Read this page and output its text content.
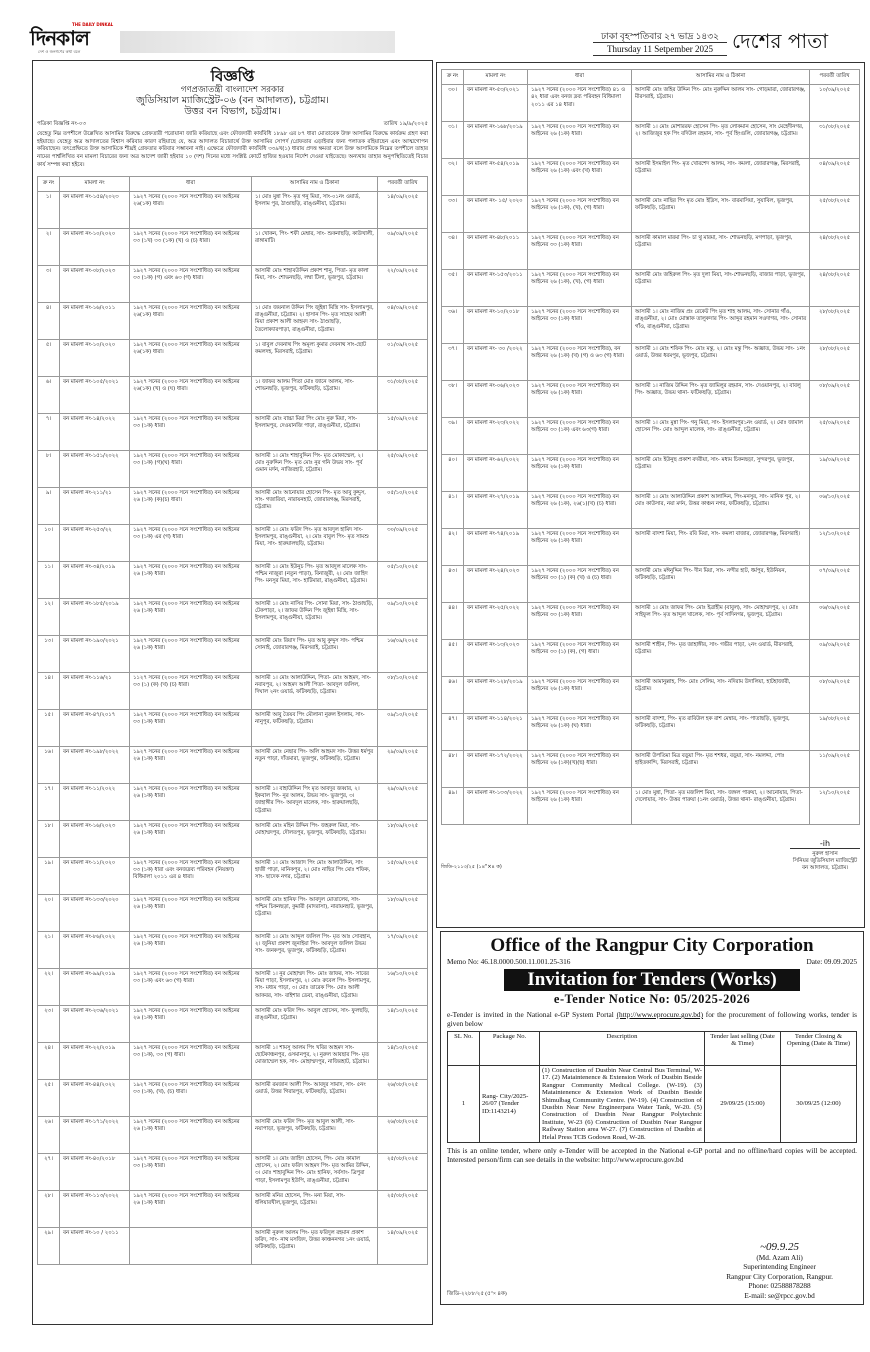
THE DAILY DINKAL
দিনকাল
দেশ ও জনগণের কথা বলে
ঢাকা বৃহস্পতিবার ২৭ ভাদ্র ১৪৩২
Thursday 11 Setpember 2025 দেশের পাতা
বিজ্ঞপ্তি
গণপ্রজাতন্ত্রী বাংলাদেশ সরকার
জুডিসিয়াল ম্যাজিস্ট্রেট-০৬ (বন আদালত), চট্টগ্রাম।
উত্তর বন বিভাগ, চট্টগ্রাম।
পত্রিকা বিজ্ঞপ্তি নং-০৩	তারিখ ১৯/৯/২০২৫
যেহেতু নিম্ন তপশীলে উল্লেখিত আসামির বিরুদ্ধে গ্রেফতারী পরোয়ানা জারি করিয়াছে এবং ফৌজদারী কার্যবিধি ১৮৯৮ এর ৮৭ ধারা মোতাবেক উক্ত আসামির বিরুদ্ধে কার্যক্রম গ্রহণ করা হইয়াছে। যেহেতু অত্র আদালতের বিশ্বাস করিবার কারণ রহিয়াছে যে, অত্র আদালত বিচারার্থে উক্ত আসামির সোপর্দ /গ্রেফতার এড়াইবার জন্য পলাতক রহিয়াছেন এবং আত্মগোপন করিয়াছেন। তৎপ্রেক্ষিতে উক্ত আসামিকে শীঘ্রই গ্রেফতার করিবার সম্ভাবনা নাই। এক্ষেত্রে ফৌজদারী কার্যবিধি ৩৩৯খ(১) ধারায় প্রদত্ত ক্ষমতা বলে উক্ত আসামিকে নিম্নের তপশীলে তাহার নামের পার্শ্বলিখিত বন মামলা বিচারের জন্য অত্র আদেশ জারী হইবার ১০ (দশ) দিনের মধ্যে সংশ্লিষ্ট কোর্টে হাজির হওয়ার নির্দেশ দেওয়া যাইতেছে। অন্যথায় তাহার অনুপস্থিতিতেই বিচার কার্য সম্পন্ন করা হইবে।
ক্র নং	মামলা নং	ধারা	আসামির নাম ও ঠিকানা	পরবর্তী তারিখ
১।	বন মামলা নং-১৫৪/২০২৩	১৯২৭ সনের (২০০০ সনে সংশোধিত) বন আইনের ২৬(১ক) ধারা।	১। মোঃ মুন্না পিং- মৃত গনু মিয়া, সাং-০১নং ওয়ার্ড, ইসলাম পুর, ঠাণ্ডাছড়ি, রাঙ্গুনীয়া, চট্টগ্রাম।	১৪/০৯/২০২৫
২।	বন মামলা নং-১০/২০২০	১৯২৭ সনের (২০০০ সনে সংশোধিত) বন আইনের ৩৩ (১খ) ৩৩ (১ক) (খ) ও (চ) ধারা।	১। খোকন, পিং- শফী মেম্বার, সাং- শুকনাছড়ি, কাউখালী, রাঙ্গামাটি।	০৯/০৯/২০২৫
৩।	বন মামলা নং-০৮/২০২৩	১৯২৭ সনের (২০০০ সনে সংশোধিত) বন আইনের ৩৩ (১ক) (গ) এবং ৬৩ (গ) ধারা।	আসামী মোঃ শাহাবউদ্দিন প্রকাশ শানু, পিতা- মৃত কালা মিয়া, সাং- শোভনছড়ি, লম্বা টিলা, ভূজপুর, চট্টগ্রাম।	২২/০৯/২০২৫
৪।	বন মামলা নং-১৬/২০১১	১৯২৭ সনের (২০০০ সনে সংশোধিত) বন আইনের ২৬(১ক) ধারা।	১। মোঃ জয়নাল উদ্দিন পিং জুইন্না মিস্ত্রি সাং- ইসলামপুর, রাঙ্গুনীয়া, চট্টগ্রাম। ২। হাসান পিং- মৃত সাহেব আলী মিয়া প্রকাশ আলী আহমদ সাং- ঠাণ্ডাছড়ি, তৈলোক্যারপাড়া, রাঙ্গুনীয়া, চট্টগ্রাম।	০৪/০৯/২০২৫
৫।	বন মামলা নং-১০/২০২০	১৯২৭ সনের (২০০০ সনে সংশোধিত) বন আইনের ২৬(১ক) ধারা।	১। বাবুল দেবনাথ পিং অমূল্য কুমার দেবনাথ সাং-ছোট কমলদহ, মিরসরাই, চট্টগ্রাম।	০১/০৯/২০২৫
৬।	বন মামলা নং-১০৫/২০২১	১৯২৭ সনের (২০০০ সনে সংশোধিত) বন আইনের ২৬(১ক) (খ) ও (ঘ) ধারা।	১। জাফর আলম পিতা মোঃ জানে আলম, সাং- শোভনছড়ি, ভূজপুর, ফটিকছড়ি, চট্টগ্রাম।	৩১/০৮/২০২৫
৭।	বন মামলা নং-১৪/২০২২	১৯২৭ সনের (২০০০ সনে সংশোধিত) বন আইনের ৩৩ (১ক) ধারা।	আসামী মোঃ বাচ্চা মিয়া পিং মোঃ নুরু মিয়া, সাং- ইসলামপুর, দেওয়ানজি পাড়া, রাঙ্গুনীয়া, চট্টগ্রাম।	১৫/০৯/২০২৫
৮।	বন মামলা নং-১৫১/২০২২	১৯২৭ সনের (২০০০ সনে সংশোধিত) বন আইনের ৩৩ (১ক) (গ)(ঘ) ধারা।	আসামী ১। মোঃ শাহাবুদ্দিন পিং- মৃত মোকাম্মেল, ২। মোঃ নুরুদ্দিন পিং- মৃত মোঃ নুর গনি উভয় সাং- পূর্ব গুমান মর্দন, নাজিরহাট, চট্টগ্রাম।	২৫/০৯/২০২৫
৯।	বন মামলা নং-২১১/২১	১৯২৭ সনের (২০০০ সনে সংশোধিত) বন আইনের ২৬ (১ক) (ক)(চ) ধারা।	আসামী মোঃ আনোয়ার হোসেন পিং- মৃত আবু কুদ্দুস, সাং- গজারিয়া, নারায়নহাট, জোরারগঞ্জ, মিরসরাই, চট্টগ্রাম।	০৫/১০/২০২৫
১০।	বন মামলা নং-২৫৩/২২	১৯২৭ সনের (২০০০ সনে সংশোধিত) বন আইনের ৩৩ (১ক) এর (গ) ধারা।	আসামী ১। মোঃ ফরিদ পিং- মৃত আবদুল হামিদ সাং- ইসলামপুর, রাঙ্গুনীয়া, ২। মোঃ বাবুল পিং- মৃত সামশু মিয়া, সাং- হারুয়ালছড়ি, চট্টগ্রাম।	৩০/০৯/২০২৫
১১।	বন মামলা নং-৩৪/২০১৯	১৯২৭ সনের (২০০০ সনে সংশোধিত) বন আইনের ২৬ (১ক) ধারা।	আসামী ১। মোঃ ইউনুচ পিং- মৃত আবদুল মালেক সাং- পশ্চিম নাজুরা (নতুন পাড়া), বিনাজুরী, ২। মোঃ জাহিদ পিং- মনসুর মিয়া, সাং- হাটিমারা, রাঙ্গুনীয়া, চট্টগ্রাম।	০৫/১০/২০২৫
১২।	বন মামলা নং-১৮৫/২০১৯	১৯২৭ সনের (২০০০ সনে সংশোধিত) বন আইনের ২৬ (১ক) ধারা।	আসামী ১। মোঃ নাসির পিং- সোনা মিয়া, সাং- ঠাণ্ডাছড়ি, টেকপাড়া, ২। জাফর উদ্দিন পিং জুইন্না মিস্ত্রি, সাং- ইসলামপুর, রাঙ্গুনীয়া, চট্টগ্রাম।	০৯/১০/২০২৫
১৩।	বন মামলা নং-১৯০/২০২১	১৯২৭ সনের (২০০০ সনে সংশোধিত) বন আইনের ২৬ (১ক) ধারা।	আসামী মোঃ রিয়াদ পিং- মৃত আবু কুদ্দুস সাং- পশ্চিম সোনাই, জোরারগঞ্জ, মিরসরাই, চট্টগ্রাম।	১৬/০৯/২০২৫
১৪।	বন মামলা নং-১১৬/২১	১১২৭ সনের (২০০০ সনে সংশোধিত) বন আইনের ৩৩ (১) (ক) (খ) (চ) ধারা।	আসামী ১। মোঃ আলাউদ্দিন, পিতা- মোঃ আহমদ, সাং- নবাবপুর, ২। আহমদ আলী পিতা- আবদুল জলিল, দিঘাল ২নং ওয়ার্ড, ফটিকছড়ি, চট্টগ্রাম।	০৮/১০/২০২৫
১৫।	বন মামলা নং-৪৭/২০১৭	১৯২৭ সনের (২০০০ সনে সংশোধিত) বন আইনের ৩৩ (১ক) ধারা।	আসামী আবু তৈয়ব পিং মৌলানা নুরুল ইসলাম, সাং- নানুপুর, ফটিকছড়ি, চট্টগ্রাম।	০৯/১০/২০২৫
১৬।	বন মামলা নং-১৯৮/২০২২	১৯২৭ সনের (২০০০ সনে সংশোধিত) বন আইনের ২৬ (১ক) ধারা।	আসামী মোঃ নেছার পিং- অলি আহমদ সাং- উত্তর ধর্মপুর নতুন পাড়া, দাঁতমারা, ভূজপুর, ফটিকছড়ি, চট্টগ্রাম।	২৯/০৯/২০২৫
১৭।	বন মামলা নং-১১/২০২২	১৯২৭ সনের (২০০০ সনে সংশোধিত) বন আইনের ২৬ (১ক) ধারা।	আসামী ১। বাহাউদ্দিন পিং মৃত আবদুর জব্বার, ২। ইকবাল পিং- নুর আলম, উভয় সাং- ভুজপুর, ৩। জাহাঙ্গীর পিং- আবদুল মালেক, সাং- হারুয়ালছড়ি, চট্টগ্রাম।	২৯/০৯/২০২৫
১৮।	বন মামলা নং-১৬/২০২৩	১৯২৭ সনের (২০০০ সনে সংশোধিত) বন আইনের ২৬ (১ক) ধারা।	আসামী মোঃ মহিন উদ্দিন পিং- জহরুল মিয়া, সাং- মোহাম্মদপুর, দৌলতপুর, ভূজপুর, ফটিকছড়ি, চট্টগ্রাম।	১৮/০৯/২০২৫
১৯।	বন মামলা নং-১১/২০২০	১৯২৭ সনের (২০০০ সনে সংশোধিত) বন আইনের ৩৩ (১ক) ধারা এবং বনজদ্রব্য পরিবহন (নিয়ন্ত্রণ) বিধিমালা ২০১১ এর ৪ ধারা।	আসামী ১। মোঃ আজাদ পিং মোঃ আলাউদ্দিন, সাং হাজী পাড়া, মানিকপুর, ২। মোঃ নাছির পিং মোঃ শফিক, সাং- ছাদেক নগর, চট্টগ্রাম।	১৫/০৯/২০২৫
২০।	বন মামলা নং-১৩৩/২০২০	১৯২৭ সনের (২০০০ সনে সংশোধিত) বন আইনের ২৬ (১ক) ধারা।	আসামী মোঃ হানিফ পিং- আবদুল মোতালেব, সাং- পশ্চিম চিকনছড়া, কুমারী (মাদরাসা), নারায়নহাট, ভূজপুর, চট্টগ্রাম।	১৮/০৯/২০২৫
২১।	বন মামলা নং-৮৬/২০২২	১৯২৭ সনের (২০০০ সনে সংশোধিত) বন আইনের ২৬ (১ক) ধারা।	আসামী ১। মোঃ আব্দুল জলিল পিং- মৃত আঃ সোবহান, ২। জুনিয়া প্রকাশ জুনাইয়া পিং- আবদুল জলিল উভয় সাং- জনকপুর, ভূজপুর, ফটিকছড়ি, চট্টগ্রাম।	১৭/০৯/২০২৫
২২।	বন মামলা নং-৯৯/২০১৯	১৯২৭ সনের (২০০০ সনে সংশোধিত) বন আইনের ৩৩ (১ক) এবং ৬৩ (গ) ধারা।	আসামী ১। নুর মোহাম্মদ পিং- মোঃ জাফর, সাং- সাবের মিয়া পাড়া, ইসলামপুর, ২। মোঃ রুবেল পিং- ইসলামপুর, সাং- মধ্যম পাড়া, ৩। মোঃ তারেক পিং- মোঃ আলী আকবর, সাং- বাইশার ডেবা, রাঙ্গুনীয়া, চট্টগ্রাম।	১৬/১০/২০২৫
২৩।	বন মামলা নং-২৩৬/২০২১	১৯২৭ সনের (২০০০ সনে সংশোধিত) বন আইনের ২৬ (১ক) ধারা।	আসামী মোঃ ফরিদ পিং- আবুল হোসেন, সাং- ফুলছড়ি, রাঙ্গুনীয়া, চট্টগ্রাম।	১৪/১০/২০২৫
২৪।	বন মামলা নং-২২/২০১৯	১৯২৭ সনের (২০০০ সনে সংশোধিত) বন আইনের ৩৩ (১ক), ৩৩ (গ) ধারা।	আসামী ১। শামসু আলম পিং খবির আহমদ সাং- ছোটকাঞ্চনপুর, ওসমানপুর, ২। নুরুল আবছার পিং- মৃত মোজাম্মেল হক, সাং- মোহাম্মদপুর, নাজিরহাট, চট্টগ্রাম।	১৪/১০/২০২৫
২৫।	বন মামলা নং-৪৪/২০২২	১৯২৭ সনের (২০০০ সনে সংশোধিত) বন আইনের ৩৩ (১ক), (খ), (চ) ধারা।	আসামী রমজান আলী পিং- আবদুর সামাদ, সাং- ৫নং ওয়ার্ড, উত্তর গিরারপুর, ফটিকছড়ি, চট্টগ্রাম।	২৬/০৮/২০২৫
২৬।	বন মামলা নং-১৭১/২০২২	১৯২৭ সনের (২০০০ সনে সংশোধিত) বন আইনের ২৬ (১ক) ধারা।	আসামী মোঃ ফরিদ পিং- মৃত আবুল আলী, সাং- নয়াপাড়া, ভূজপুর, ফটিকছড়ি, চট্টগ্রাম।	২৬/০৮/২০২৫
২৭।	বন মামলা নং-৪০/২০১৮	১৯২৭ সনের (২০০০ সনে সংশোধিত) বন আইনের ৩৩ (১ক) ধারা।	আসামী ১। মোঃ জাহিদ হোসেন, পিং- মোঃ কামাল হোসেন, ২। মোঃ ফরিদ আহমদ পিং- মৃত আমির উদ্দিন, ৩। মোঃ শাহাবুদ্দিন পিং- মোঃ হানিফ, সর্বসাং- ত্রিপুরা পাড়া, ইসলামপুর ইউপি, রাঙ্গুনীয়া, চট্টগ্রাম।	২৫/০৮/২০২৫
২৮।	বন মামলা নং-১১৩/২০২২	১৯২৭ সনের (২০০০ সনে সংশোধিত) বন আইনের ২৬ (১ক) ধারা।	আসামী মনির হোসেন, পিং- মনা মিয়া, সাং- ধলিয়ারখীল,ভূজপুর, চট্টগ্রাম।	২৫/০৮/২০২৫
২৯।	বন মামলা নং-১০ / ২০১১		আসামী নুরুল আলম পিং- মৃত ফরিদুল রহমান প্রকাশ ফরিদ, সাং- নাথ মসজিদ, উত্তর কাঞ্চননগর ১নং ওয়ার্ড, ফটিকছড়ি, চট্টগ্রাম।	১৪/০৯/২০২৫
ক্র নং	মামলা নং	ধারা	আসামির নাম ও ঠিকানা	পরবর্তী তারিখ
৩০।	বন মামলা নং-৫৩/২০২১	১৯২৭ সনের (২০০০ সনে সংশোধিত) ৪১ ও ৪২ ধারা এবং বনজ দ্রব্য পরিবহন বিধিমালা ২০১১ এর ১৪ ধারা।	আসামী মোঃ জহির উদ্দিন পিং- মোঃ নুরুদ্দিন আলম সাং- গোড়মারা, জোরারগঞ্জ, মীরসরাই, চট্টগ্রাম।	১০/০৯/২০২৫
৩১।	বন মামলা নং-১৬৮/২০১৯	১৯২৭ সনের (২০০০ সনে সংশোধিত) বন আইনের ২৬ (১ক) ধারা।	আসামী ১। মোঃ মোশাররফ হোসেন পিং- মৃত লোকমান হোসেন, সাং মেহেদীনগর, ২। আজিজুর হক পিং বদিউল রহমান, সাং- পূর্ব হিংগুলি, জোরারগঞ্জ, চট্টগ্রাম।	৩১/০৮/২০২৫
৩২।	বন মামলা নং-৫৪/২০১৯	১৯২৭ সনের (২০০০ সনে সংশোধিত) বন আইনের ২৬ (১ক) এবং (খ) ধারা।	আসামী ইসমাইল পিং- মৃত খোরশেদ আলম, সাং- কমলা, জোরারগঞ্জ, মিরসরাই, চট্টগ্রাম।	০৪/০৯/২০২৫
৩৩।	বন মামলা নং- ১৫/ ২০২০	১৯২৭ সনের (২০০০ সনে সংশোধিত) বন আইনের ২৬ (১ক), (খ), (গ) ধারা।	আসামী মোঃ নাছির পিং মৃত মোঃ ইদ্রিস, সাং- বারমাসিয়া, সুয়াবিল, ভূজপুর, ফটিকছড়ি, চট্টগ্রাম।	২৫/০৮/২০২৫
৩৪।	বন মামলা নং-৪৮/২০১১	১৯২৭ সনের (২০০০ সনে সংশোধিত) বন আইনের ৩৩ (১ক) ধারা।	আসামী কামাল মারমা পিং- চা থু মারমা, সাং- শোভনছড়ি, মগপাড়া, ভূজপুর, চট্টগ্রাম।	২৪/০৮/২০২৫
৩৫।	বন মামলা নং-১৫৩/২০১১	১৯২৭ সনের (২০০০ সনে সংশোধিত) বন আইনের ২৬ (১ক), (খ), (গ) ধারা।	আসামী মোঃ জহিরুল পিং- মৃত দুলা মিয়া, সাং-শোভনছড়ি, বাজার পাড়া, ভূজপুর, চট্টগ্রাম।	২৪/০৮/২০২৫
৩৬।	বন মামলা নং-১০/২০১৮	১৯২৭ সনের (২০০০ সনে সংশোধিত) বন আইনের ৩৩ (১ক) ধারা।	আসামী ১। মোঃ নাজিম প্রঃ রেকেট পিং মৃত শাহ আলম, সাং- সোনার গাঁও, রাঙ্গুনীয়া, ২। মোঃ মোস্তাক তালুকদার পিং- আব্দুর রহমান সওদাগর, সাং- সোনার গাঁও, রাঙ্গুনীয়া, চট্টগ্রাম।	২৮/০৮/২০২৫
৩৭।	বন মামলা নং- ৩০ /২০২২	১৯২৭ সনের (২০০০ সনে সংশোধিত), বন আইনের ২৬ (১ক) (খ) (গ) ও ৬৩ (গ) ধারা।	আসামী ১। মোঃ শফিক পিং- মোঃ মন্তু, ২। মোঃ মন্তু পিং- অজ্ঞাত, উভয় সাং- ১নং ওয়ার্ড, উত্তর ধরমপুর, ভূজপুর, চট্টগ্রাম।	২৮/০৮/২০২৫
৩৮।	বন মামলা নং-০৬/২০২৩	১৯২৭ সনের (২০০০ সনে সংশোধিত) বন আইনের ২৬ (১ক) ধারা।	আসামী ১। নাজিম উদ্দিন পিং- মৃত জামিলুর রহমান, সাং- দেওয়ানপুর, ২। বাবলু পিং- অজ্ঞাত, উভয় থানা- ফটিকছড়ি, চট্টগ্রাম।	০৮/০৯/২০২৫
৩৯।	বন মামলা নং-২৩/২০২২	১৯২৭ সনের (২০০০ সনে সংশোধিত) বন আইনের ৩৩ (১ক) এবং ৬৩(গ) ধারা।	আসামী ১। মোঃ মুন্না পিং- গনু মিয়া, সাং- ইসলামপুর১নং ওয়ার্ড, ২। মোঃ জামাল হোসেন পিং- মোঃ আব্দুল মালেক, সাং- রাঙ্গুনীয়া, চট্টগ্রাম।	২৫/০৯/২০২৫
৪০।	বন মামলা নং-৬২/২০২২	১৯২৭ সনের (২০০০ সনে সংশোধিত) বন আইনের ২৬ (১ক) ধারা।	আসামী মোঃ ইউনুছ প্রকাশ বদরীয়া, সাং- মধ্যম চিকনছড়া, সুন্দরপুর, ভূজপুর, চট্টগ্রাম।	১৯/০৯/২০২৫
৪১।	বন মামলা নং-২৭/২০১৯	১৯২৭ সনের (২০০০ সনে সংশোধিত) বন আইনের ২৬ (১ক), ২৬(১)(খ) (চ) ধারা।	আসামী ১। মোঃ আলাউদ্দিন প্রকাশ আলাদ্দিন, পিং-মনসুর, সাং- মানিক পুর, ২। মোঃ কাউসার, নয়া মর্দন, উত্তর কাঞ্চন নগর, ফটিকছড়ি, চট্টগ্রাম।	০৬/১০/২০২৫
৪২।	বন মামলা নং-৭৪/২০১৯	১৯২৭ সনের (২০০০ সনে সংশোধিত) বন আইনের ২৬ (১ক) ধারা।	আসামী বাদশা মিয়া, পিং- রবি মিয়া, সাং- কমলা বাজার, জোরারগঞ্জ, মিরসরাই।	১২/১০/২০২৫
৪৩।	বন মামলা নং-২৪/২০২৩	১৯২৭ সনের (২০০০ সনে সংশোধিত) বন আইনের ৩৩ (১) (ক) (খ) ও (চ) ধারা।	আসামী মোঃ মঈনুদ্দিন পিং- দীন মিয়া, সাং- নন্দীর হাট, ধর্মপুর, ইউনিয়ন, ফটিকছড়ি, চট্টগ্রাম।	০৭/০৯/২০২৫
৪৪।	বন মামলা নং-২৫/২০২২	১৯২৭ সনের (২০০০ সনে সংশোধিত) বন আইনের ৩৩ (১ক) ধারা।	আসামী ১। মোঃ জাফর পিং- মোঃ ইব্রাহীম (বাবুল), সাং- মোহাম্মদপুর, ২। মোঃ সাইফুল পিং- মৃত আব্দুল খালেক, সাং- পূর্ব সাদিনগর, ভূজপুর, চট্টগ্রাম।	০৬/০৯/২০২৫
৪৫।	বন মামলা নং-১৩/২০২৩	১৯২৭ সনের (২০০০ সনে সংশোধিত) বন আইনের ৩৩ (১) (ক), (গ) ধারা।	আসামী শাহীন, পিং- মৃত জাহাঙ্গীর, সাং- গভীর পাড়া, ২নং ওয়ার্ড, মীরসরাই, চট্টগ্রাম।	০৯/০৯/২০২৫
৪৬।	বন মামলা নং-১২৮/২০১৯	১৯২৭ সনের (২০০০ সনে সংশোধিত) বন আইনের ২৬ (১ক) ধারা।	আসামী আমানুল্লাহ, পিং- মোঃ সেলিম, সাং- নদিরাম উদালিয়া, হাটহাজারী, চট্টগ্রাম।	০৮/০৯/২০২৫
৪৭।	বন মামলা নং-১১৪/২০২১	১৯২৭ সনের (২০০০ সনে সংশোধিত) বন আইনের ২৬ (১ক) (ঘ) ধারা।	আসামী বাদশা, পিং- মৃত রাবিউল হক রাশ মেম্বার, সাং- পাতাছড়ি, ভূজপুর, ফটিকছড়ি, চট্টগ্রাম।	১৯/০৮/২০২৫
৪৮।	বন মামলা নং-১৭২/২০২২	১৯২৭ সনের (২০০০ সনে সংশোধিত) বন আইনের ২৬ (১ক)(খ)(ছ) ধারা।	আসামী উপতিমা মিত্র বড়ুয়া পিং- মৃত শশধর, বড়ুয়া, সাং- নমলদ্দা, পোঃ হাইতকান্দি, মিরসরাই, চট্টগ্রাম।	১১/০৯/২০২৫
৪৯।	বন মামলা নং-১৩৩/২০২২	১৯২৭ সনের (২০০০ সনে সংশোধিত) বন আইনের ২৬ (১ক) ধারা।	১। মোঃ মুন্না, পিতা- মৃত মজলিশ মিয়া, সাং- জঙ্গল পারুয়া, ২। আনোয়ার, পিতা- দেলোয়ার, সাং- উত্তর পারুয়া (১নং ওয়ার্ড), উত্তর থানা- রাঙ্গুনীয়া, চট্টগ্রাম।	১২/১০/২০২৫
জিডি-২১১৩/২৫ (১৪"×৪ ক)
-ih
নুরুল হাসান
সিনিয়র জুডিসিয়াল ম্যাজিস্ট্রেট
বন আদালত, চট্টগ্রাম।
Office of the Rangpur City Corporation
Memo No: 46.18.0000.500.11.001.25-316	Date: 09.09.2025
Invitation for Tenders (Works)
e-Tender Notice No: 05/2025-2026
e-Tender is invited in the National e-GP System Portal (http://www.eprocure.gov.bd) for the procurement of following works, tender is given below
SL No.	Package No.	Description	Tender last selling (Date & Time)	Tender Closing & Opening (Date & Time)
1	Rang- City/2025-26/07 (Tender ID:1143214)	(1) Construction of Dustbin Near Central Bus Terminal, W-17. (2) Mataintenence & Extension Work of Dustbin Beside Rangpur Community Medical College. (W-19). (3) Mataintenence & Extension Work of Dustbin Beside Shimulbag Community Centre. (W-19). (4) Construction of Dustbin Near New Engineerpara Water Tank, W-20. (5) Construction of Dustbin Near Rangpur Polytechnic Institute, W-23 (6) Construction of Dustbin Near Rangpur Railway Station area W-27. (7) Construction of Dustbin at Helal Press TCB Godown Road, W-28.	29/09/25 (15:00)	30/09/25 (12:00)
This is an online tender, where only e-Tender will be accepted in the National e-GP portal and no offline/hard copies will be accepted. Interested person/firm can see details in the website: http://www.eprocure.gov.bd
~09.9.25
(Md. Azam Ali)
Superintending Engineer
Rangpur City Corporation, Rangpur.
Phone: 02588878288
E-mail: se@rpcc.gov.bd
জিডি-২২৮৮/২৫ (৫"× ৪ক)
